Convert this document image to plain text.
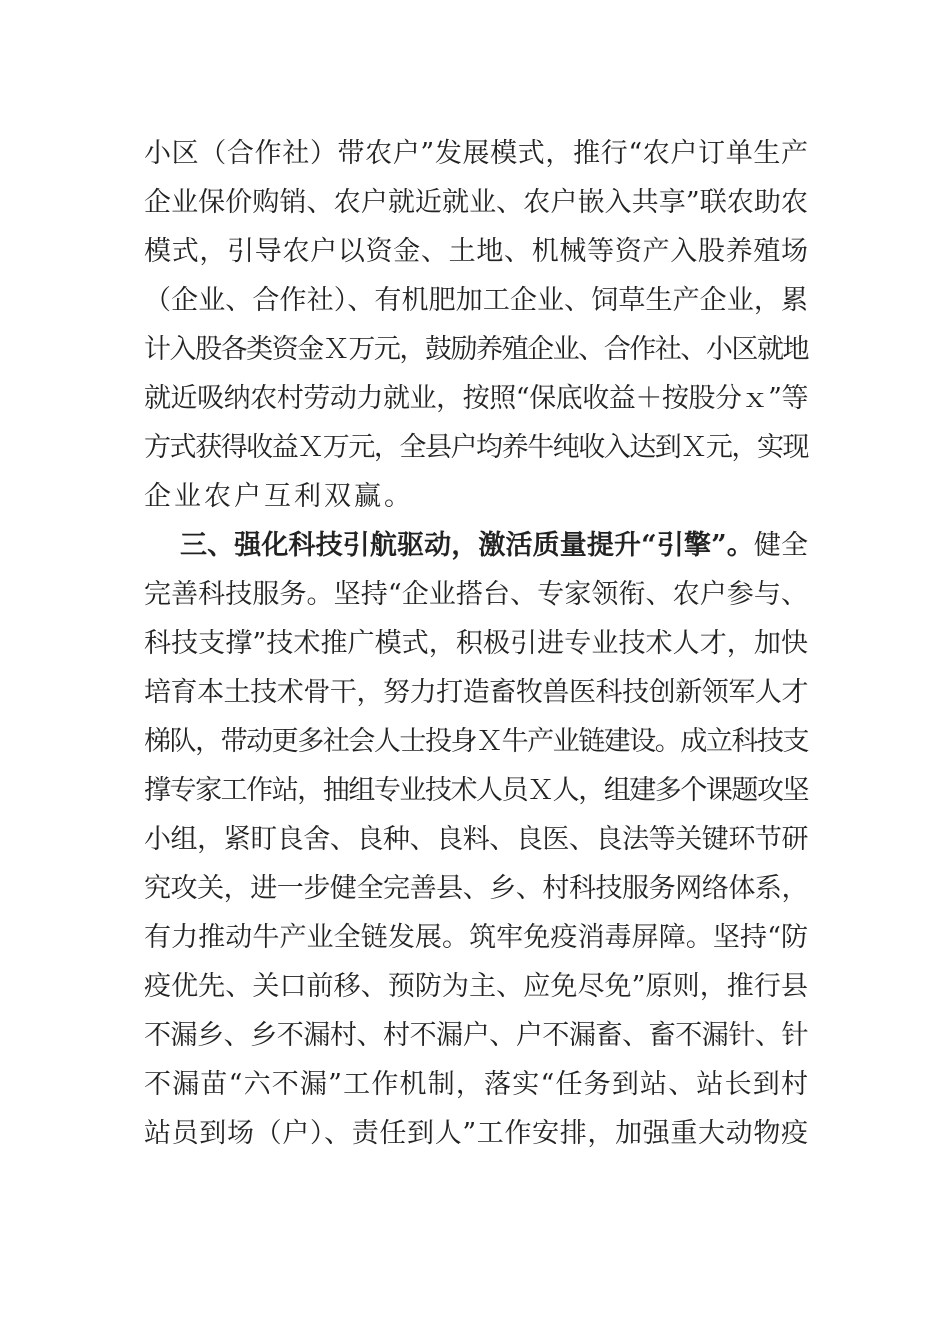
小区（合作社）带农户”发展模式，推行“农户订单生产
企业保价购销、农户就近就业、农户嵌入共享”联农助农
模式，引导农户以资金、土地、机械等资产入股养殖场
（企业、合作社）、有机肥加工企业、饲草生产企业，累
计入股各类资金Ｘ万元，鼓励养殖企业、合作社、小区就地
就近吸纳农村劳动力就业，按照“保底收益＋按股分ｘ”等
方式获得收益Ｘ万元，全县户均养牛纯收入达到Ｘ元，实现
企业农户互利双赢。
三、强化科技引航驱动，激活质量提升“引擎”。健全
完善科技服务。坚持“企业搭台、专家领衔、农户参与、
科技支撑”技术推广模式，积极引进专业技术人才，加快
培育本土技术骨干，努力打造畜牧兽医科技创新领军人才
梯队，带动更多社会人士投身Ｘ牛产业链建设。成立科技支
撑专家工作站，抽组专业技术人员Ｘ人，组建多个课题攻坚
小组，紧盯良舍、良种、良料、良医、良法等关键环节研
究攻关，进一步健全完善县、乡、村科技服务网络体系，
有力推动牛产业全链发展。筑牢免疫消毒屏障。坚持“防
疫优先、关口前移、预防为主、应免尽免”原则，推行县
不漏乡、乡不漏村、村不漏户、户不漏畜、畜不漏针、针
不漏苗“六不漏”工作机制，落实“任务到站、站长到村
站员到场（户）、责任到人”工作安排，加强重大动物疫
